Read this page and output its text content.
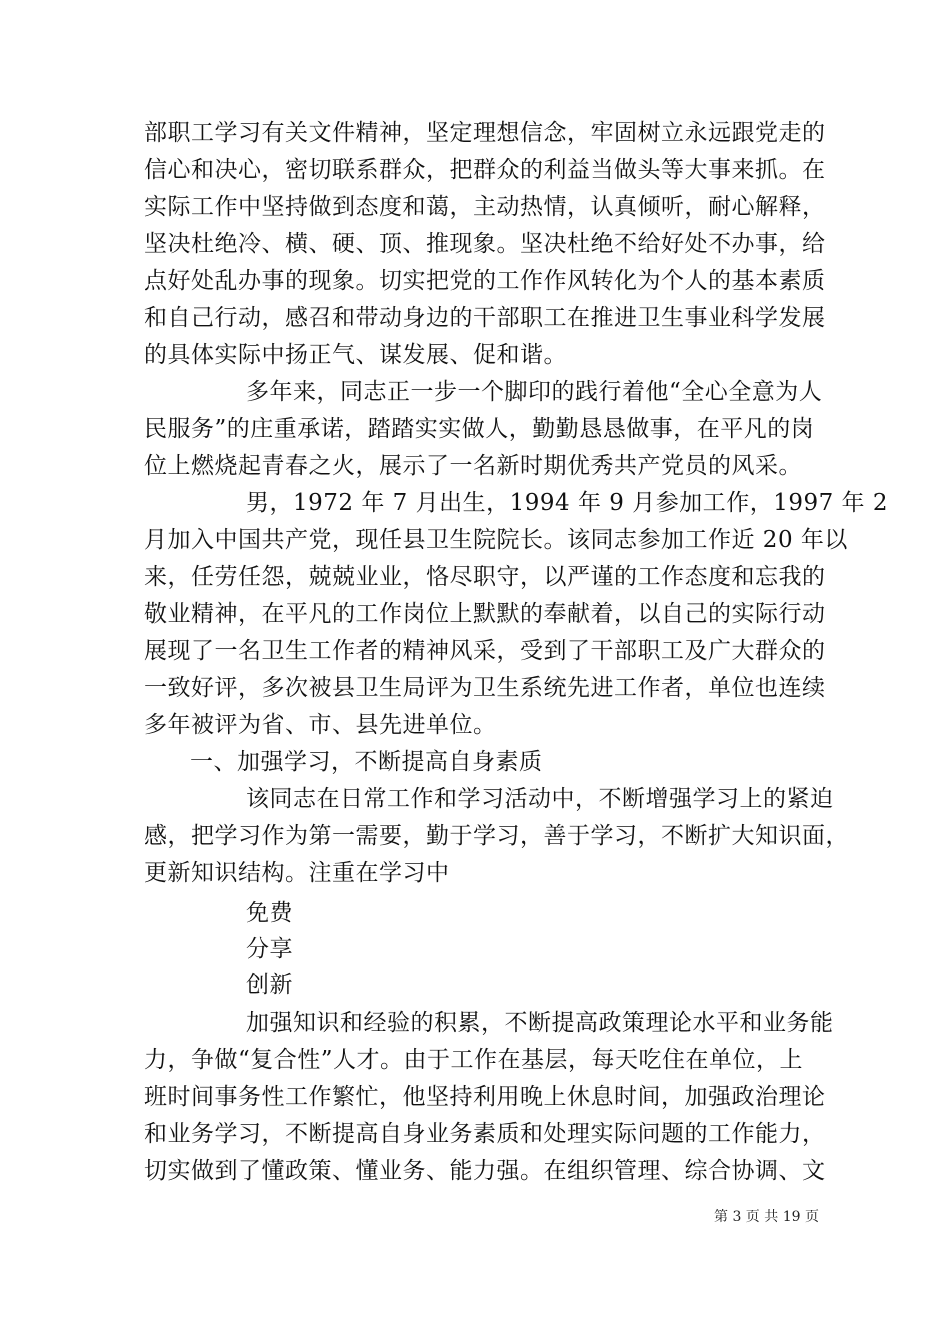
部职工学习有关文件精神，坚定理想信念，牢固树立永远跟党走的
信心和决心，密切联系群众，把群众的利益当做头等大事来抓。在
实际工作中坚持做到态度和蔼，主动热情，认真倾听，耐心解释，
坚决杜绝冷、横、硬、顶、推现象。坚决杜绝不给好处不办事，给
点好处乱办事的现象。切实把党的工作作风转化为个人的基本素质
和自己行动，感召和带动身边的干部职工在推进卫生事业科学发展
的具体实际中扬正气、谋发展、促和谐。
多年来，同志正一步一个脚印的践行着他“全心全意为人
民服务”的庄重承诺，踏踏实实做人，勤勤恳恳做事，在平凡的岗
位上燃烧起青春之火，展示了一名新时期优秀共产党员的风采。
男，1972 年 7 月出生，1994 年 9 月参加工作，1997 年 2
月加入中国共产党，现任县卫生院院长。该同志参加工作近 20 年以
来，任劳任怨，兢兢业业，恪尽职守，以严谨的工作态度和忘我的
敬业精神，在平凡的工作岗位上默默的奉献着，以自己的实际行动
展现了一名卫生工作者的精神风采，受到了干部职工及广大群众的
一致好评，多次被县卫生局评为卫生系统先进工作者，单位也连续
多年被评为省、市、县先进单位。
一、加强学习，不断提高自身素质
该同志在日常工作和学习活动中，不断增强学习上的紧迫
感，把学习作为第一需要，勤于学习，善于学习，不断扩大知识面，
更新知识结构。注重在学习中
免费
分享
创新
加强知识和经验的积累，不断提高政策理论水平和业务能
力，争做“复合性”人才。由于工作在基层，每天吃住在单位，上
班时间事务性工作繁忙，他坚持利用晚上休息时间，加强政治理论
和业务学习，不断提高自身业务素质和处理实际问题的工作能力，
切实做到了懂政策、懂业务、能力强。在组织管理、综合协调、文
第 3 页 共 19 页
